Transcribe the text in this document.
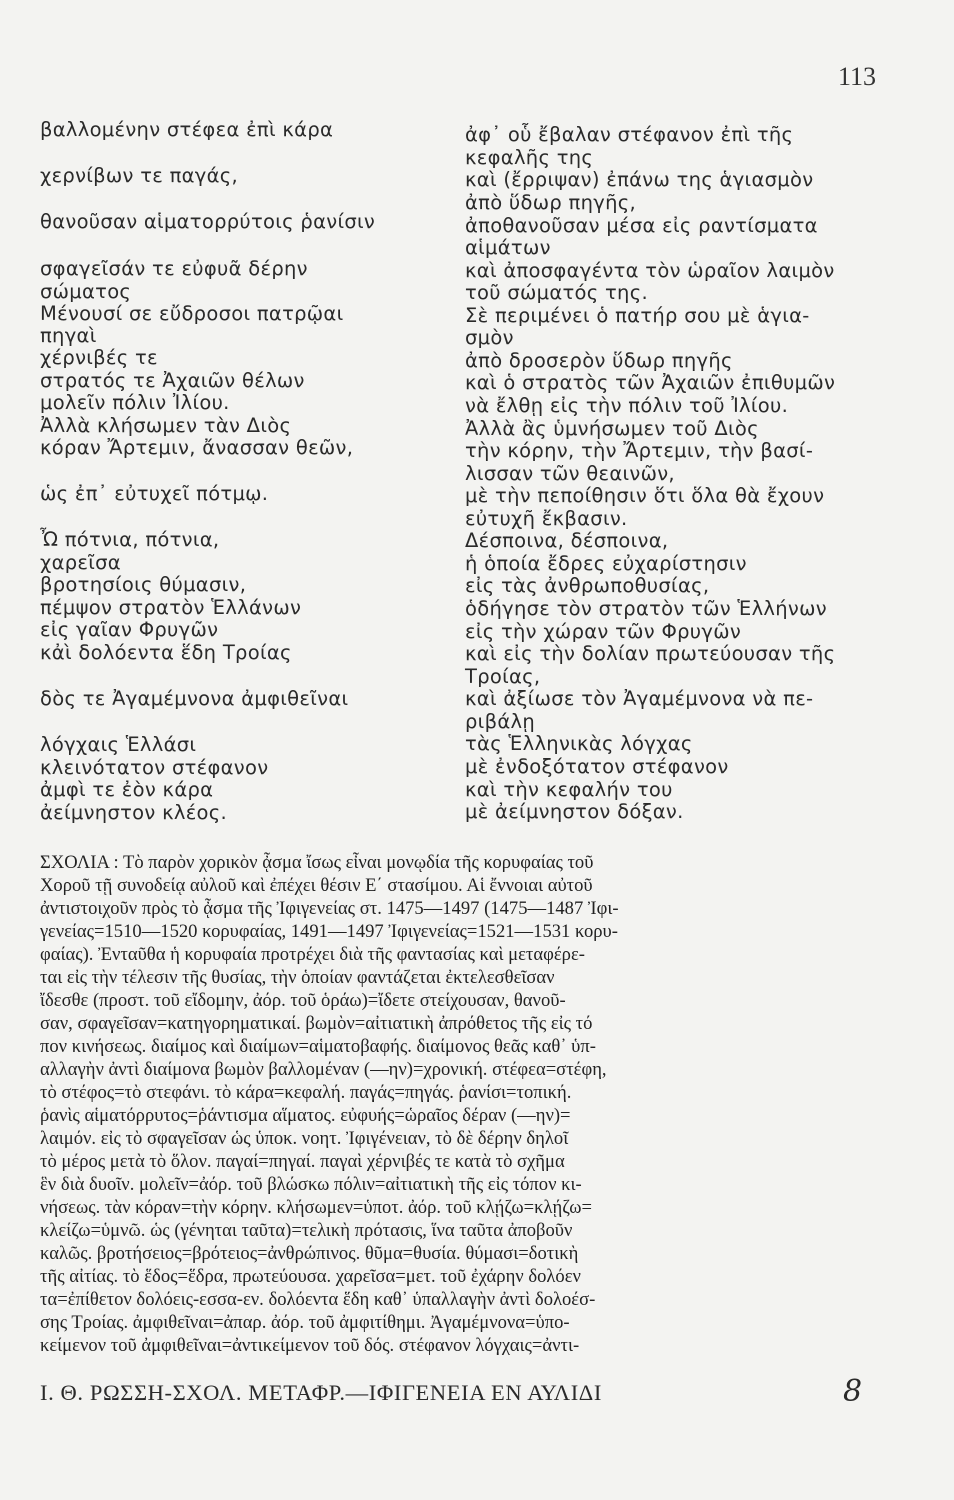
113
βαλλομένην στέφεα ἐπὶ κάρα
χερνίβων τε παγάς,
θανοῦσαν αἱματορρύτοις ῥανίσιν
σφαγεῖσάν τε εὐφυᾶ δέρην
σώματος
Μένουσί σε εὔδροσοι πατρῷαι
πηγαὶ
χέρνιβές τε
στρατός τε Ἀχαιῶν θέλων
μολεῖν πόλιν Ἰλίου.
Ἀλλὰ κλήσωμεν τὰν Διὸς
κόραν Ἄρτεμιν, ἄνασσαν θεῶν,
ὡς ἐπ᾽ εὐτυχεῖ πότμῳ.
Ὦ πότνια, πότνια,
χαρεῖσα
βροτησίοις θύμασιν,
πέμψον στρατὸν Ἑλλάνων
εἰς γαῖαν Φρυγῶν
κἀὶ δολόεντα ἕδη Τροίας
δὸς τε Ἀγαμέμνονα ἀμφιθεῖναι
λόγχαις Ἑλλάσι
κλεινότατον στέφανον
ἀμφὶ τε ἐὸν κάρα
ἀείμνηστον κλέος.
ἀφ᾽ οὗ ἔβαλαν στέφανον ἐπὶ τῆς
κεφαλῆς της
καὶ (ἔρριψαν) ἐπάνω της ἁγιασμὸν
ἀπὸ ὕδωρ πηγῆς,
ἀποθανοῦσαν μέσα εἰς ραντίσματα
αἱμάτων
καὶ ἀποσφαγέντα τὸν ὡραῖον λαιμὸν
τοῦ σώματός της.
Σὲ περιμένει ὁ πατήρ σου μὲ ἁγια-
σμὸν
ἀπὸ δροσερὸν ὕδωρ πηγῆς
καὶ ὁ στρατὸς τῶν Ἀχαιῶν ἐπιθυμῶν
νὰ ἔλθῃ εἰς τὴν πόλιν τοῦ Ἰλίου.
Ἀλλὰ ἂς ὑμνήσωμεν τοῦ Διὸς
τὴν κόρην, τὴν Ἄρτεμιν, τὴν βασί-
λισσαν τῶν θεαινῶν,
μὲ τὴν πεποίθησιν ὅτι ὅλα θὰ ἔχουν
εὐτυχῆ ἔκβασιν.
Δέσποινα, δέσποινα,
ἡ ὁποία ἔδρες εὐχαρίστησιν
εἰς τὰς ἀνθρωποθυσίας,
ὁδήγησε τὸν στρατὸν τῶν Ἑλλήνων
εἰς τὴν χώραν τῶν Φρυγῶν
καὶ εἰς τὴν δολίαν πρωτεύουσαν τῆς
Τροίας,
καὶ ἀξίωσε τὸν Ἀγαμέμνονα νὰ πε-
ριβάλῃ
τὰς Ἑλληνικὰς λόγχας
μὲ ἐνδοξότατον στέφανον
καὶ τὴν κεφαλήν του
μὲ ἀείμνηστον δόξαν.
ΣΧΟΛΙΑ : Τὸ παρὸν χορικὸν ᾆσμα ἴσως εἶναι μονῳδία τῆς κορυφαίας τοῦ
Χοροῦ τῇ συνοδείᾳ αὐλοῦ καὶ ἐπέχει θέσιν Ε΄ στασίμου. Αἱ ἔννοιαι αὐτοῦ
ἀντιστοιχοῦν πρὸς τὸ ᾆσμα τῆς Ἰφιγενείας στ. 1475—1497 (1475—1487 Ἰφι-
γενείας=1510—1520 κορυφαίας, 1491—1497 Ἰφιγενείας=1521—1531 κορυ-
φαίας). Ἐνταῦθα ἡ κορυφαία προτρέχει διὰ τῆς φαντασίας καὶ μεταφέρε-
ται εἰς τὴν τέλεσιν τῆς θυσίας, τὴν ὁποίαν φαντάζεται ἐκτελεσθεῖσαν
ἴδεσθε (προστ. τοῦ εἴδομην, ἀόρ. τοῦ ὁράω)=ἴδετε στείχουσαν, θανοῦ-
σαν, σφαγεῖσαν=κατηγορηματικαί. βωμὸν=αἰτιατικὴ ἀπρόθετος τῆς εἰς τό
πον κινήσεως. διαίμος καὶ διαίμων=αἱματοβαφής. διαίμονος θεᾶς καθ᾽ ὑπ-
αλλαγὴν ἀντὶ διαίμονα βωμὸν βαλλομέναν (—ην)=χρονική. στέφεα=στέφη,
τὸ στέφος=τὸ στεφάνι. τὸ κάρα=κεφαλή. παγάς=πηγάς. ῥανίσι=τοπική.
ῥανὶς αἱματόρρυτος=ῥάντισμα αἵματος. εὐφυής=ὡραῖος δέραν (—ην)=
λαιμόν. εἰς τὸ σφαγεῖσαν ὡς ὑποκ. νοητ. Ἰφιγένειαν, τὸ δὲ δέρην δηλοῖ
τὸ μέρος μετὰ τὸ ὅλον. παγαί=πηγαί. παγαὶ χέρνιβές τε κατὰ τὸ σχῆμα
ἓν διὰ δυοῖν. μολεῖν=ἀόρ. τοῦ βλώσκω πόλιν=αἰτιατικὴ τῆς εἰς τόπον κι-
νήσεως. τὰν κόραν=τὴν κόρην. κλήσωμεν=ὑποτ. ἀόρ. τοῦ κλῄζω=κλῄζω=
κλείζω=ὑμνῶ. ὡς (γένηται ταῦτα)=τελικὴ πρότασις, ἵνα ταῦτα ἀποβοῦν
καλῶς. βροτήσειος=βρότειος=ἀνθρώπινος. θῦμα=θυσία. θύμασι=δοτικὴ
τῆς αἰτίας. τὸ ἕδος=ἕδρα, πρωτεύουσα. χαρεῖσα=μετ. τοῦ ἐχάρην δολόεν
τα=ἐπίθετον δολόεις-εσσα-εν. δολόεντα ἕδη καθ᾽ ὑπαλλαγὴν ἀντὶ δολοέσ-
σης Τροίας. ἀμφιθεῖναι=ἀπαρ. ἀόρ. τοῦ ἀμφιτίθημι. Ἀγαμέμνονα=ὑπο-
κείμενον τοῦ ἀμφιθεῖναι=ἀντικείμενον τοῦ δός. στέφανον λόγχαις=ἀντι-
Ι. Θ. ΡΩΣΣΗ-ΣΧΟΛ. ΜΕΤΑΦΡ.—ΙΦΙΓΕΝΕΙΑ ΕΝ ΑΥΛΙΔΙ	8
